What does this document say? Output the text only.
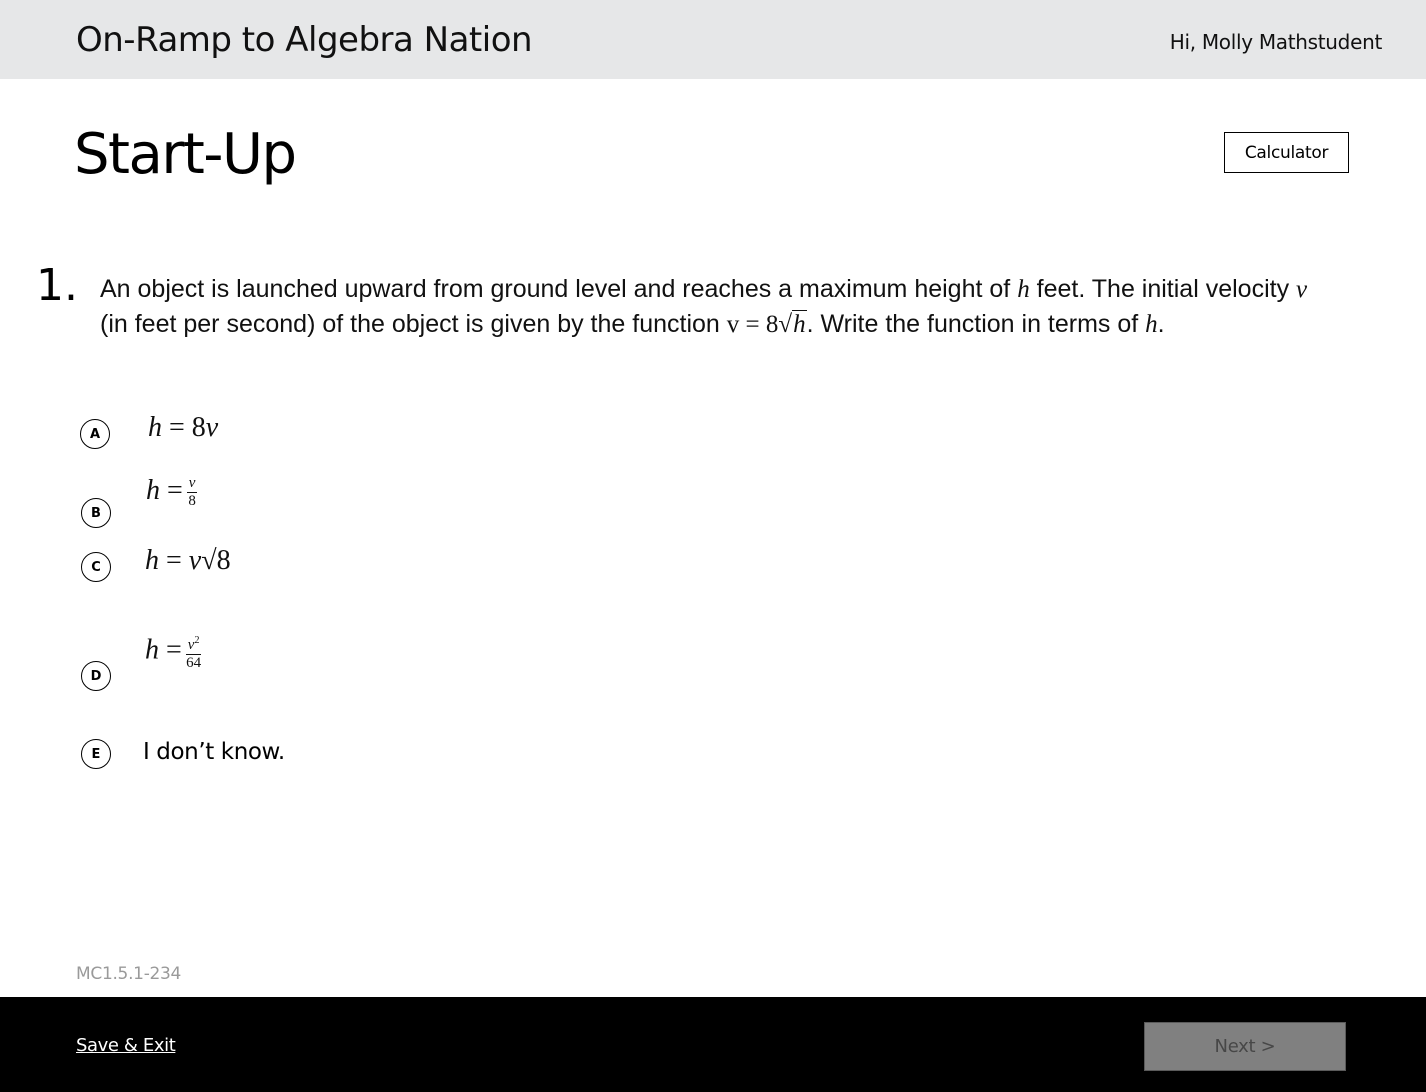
On-Ramp to Algebra Nation	Hi, Molly Mathstudent
Start-Up	Calculator
1. An object is launched upward from ground level and reaches a maximum height of h feet. The initial velocity v (in feet per second) of the object is given by the function v = 8√h. Write the function in terms of h.
A	h = 8v
B
$h = \frac{v}{8}$
C	h = v√8
D
$h = \frac{v^2}{64}$
E	I don’t know.
MC1.5.1-234
Save & Exit	Next >
